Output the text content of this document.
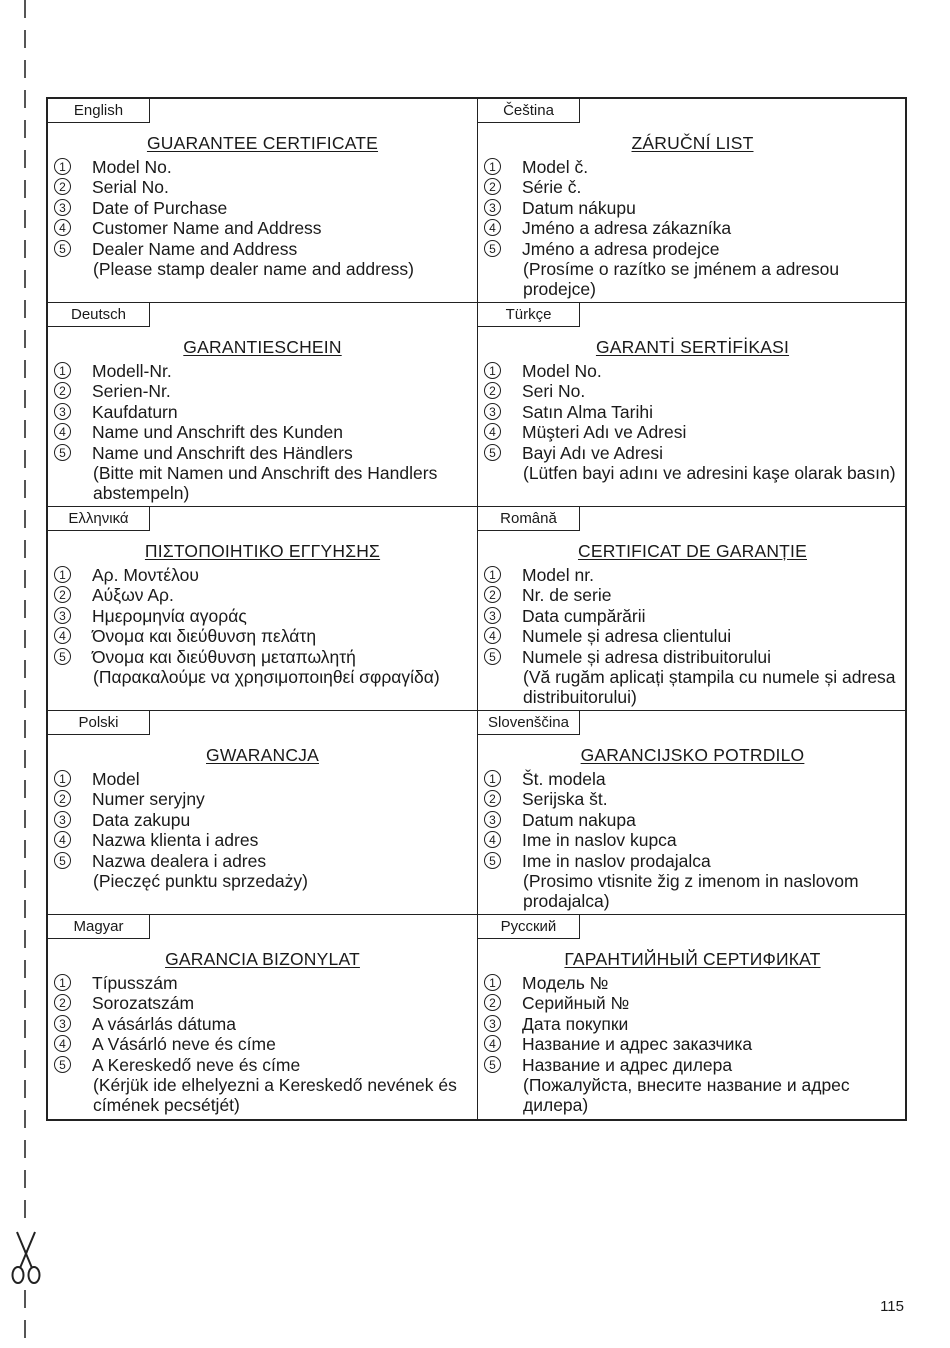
English
GUARANTEE CERTIFICATE
1 Model No.
2 Serial No.
3 Date of Purchase
4 Customer Name and Address
5 Dealer Name and Address
(Please stamp dealer name and address)
Čeština
ZÁRUČNÍ LIST
1 Model č.
2 Série č.
3 Datum nákupu
4 Jméno a adresa zákazníka
5 Jméno a adresa prodejce
(Prosíme o razítko se jménem a adresou prodejce)
Deutsch
GARANTIESCHEIN
1 Modell-Nr.
2 Serien-Nr.
3 Kaufdaturn
4 Name und Anschrift des Kunden
5 Name und Anschrift des Händlers
(Bitte mit Namen und Anschrift des Handlers abstempeln)
Türkçe
GARANTİ SERTİFİKASI
1 Model No.
2 Seri No.
3 Satın Alma Tarihi
4 Müşteri Adı ve Adresi
5 Bayi Adı ve Adresi
(Lütfen bayi adını ve adresini kaşe olarak basın)
Ελληνικά
ΠΙΣΤΟΠΟΙΗΤΙΚΟ ΕΓΓΥΗΣΗΣ
1 Αρ. Μοντέλου
2 Αύξων Αρ.
3 Ημερομηνία αγοράς
4 Όνομα και διεύθυνση πελάτη
5 Όνομα και διεύθυνση μεταπωλητή
(Παρακαλούμε να χρησιμοποιηθεί σφραγίδα)
Română
CERTIFICAT DE GARANȚIE
1 Model nr.
2 Nr. de serie
3 Data cumpărării
4 Numele și adresa clientului
5 Numele și adresa distribuitorului
(Vă rugăm aplicați ștampila cu numele și adresa distribuitorului)
Polski
GWARANCJA
1 Model
2 Numer seryjny
3 Data zakupu
4 Nazwa klienta i adres
5 Nazwa dealera i adres
(Pieczęć punktu sprzedaży)
Slovenščina
GARANCIJSKO POTRDILO
1 Št. modela
2 Serijska št.
3 Datum nakupa
4 Ime in naslov kupca
5 Ime in naslov prodajalca
(Prosimo vtisnite žig z imenom in naslovom prodajalca)
Magyar
GARANCIA BIZONYLAT
1 Típusszám
2 Sorozatszám
3 A vásárlás dátuma
4 A Vásárló neve és címe
5 A Kereskedő neve és címe
(Kérjük ide elhelyezni a Kereskedő nevének és címének pecsétjét)
Русский
ГАРАНТИЙНЫЙ СЕРТИФИКАТ
1 Модель №
2 Серийный №
3 Дата покупки
4 Название и адрес заказчика
5 Название и адрес дилера
(Пожалуйста, внесите название и адрес дилера)
115
